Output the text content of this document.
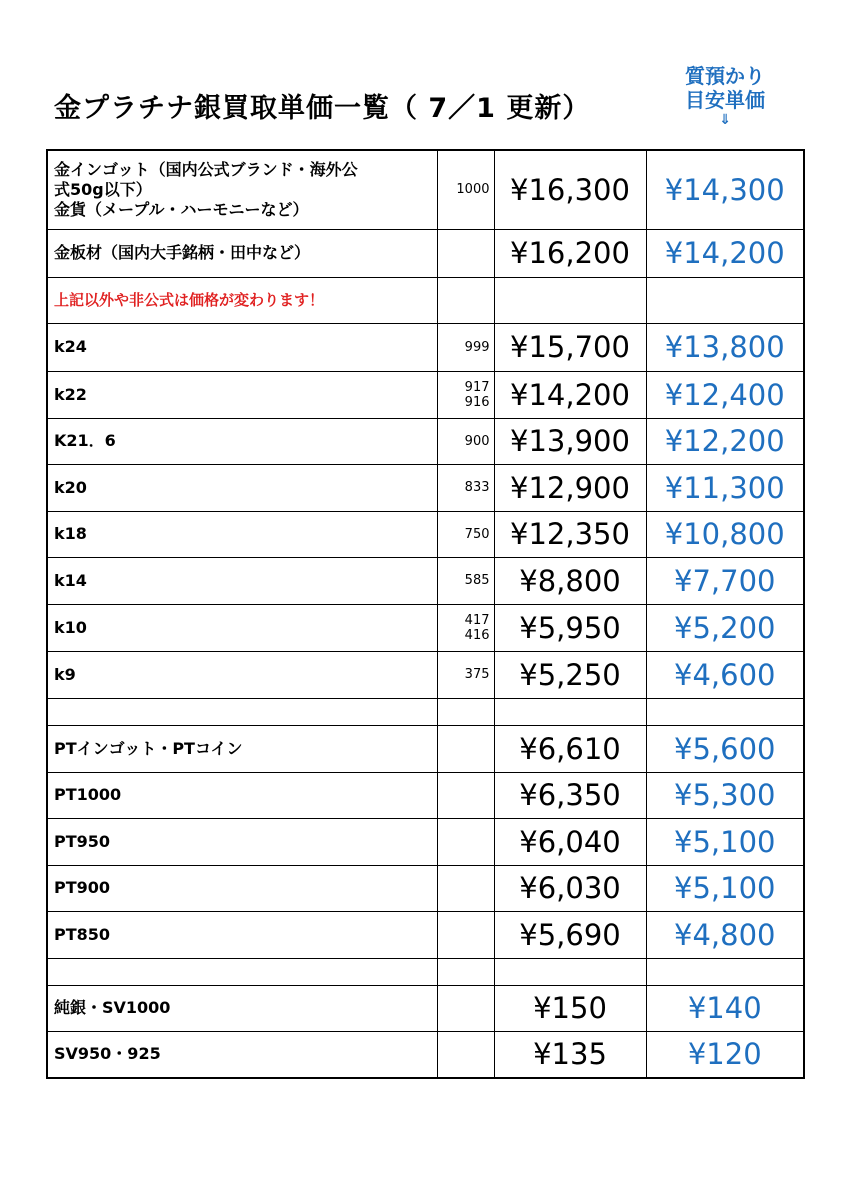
金プラチナ銀買取単価一覧（ 7／1 更新）
質預かり
目安単価
⇓
金インゴット（国内公式ブランド・海外公
式50g以下）
金貨（メープル・ハーモニーなど）	1000	¥16,300	¥14,300

金板材（国内大手銘柄・田中など）		¥16,200	¥14,200

上記以外や非公式は価格が変わります！			

k24	999	¥15,700	¥13,800

k22	917
916	¥14,200	¥12,400

K21．6	900	¥13,900	¥12,200

k20	833	¥12,900	¥11,300

k18	750	¥12,350	¥10,800

k14	585	¥8,800	¥7,700

k10	417
416	¥5,950	¥5,200

k9	375	¥5,250	¥4,600

PTインゴット・PTコイン		¥6,610	¥5,600

PT1000		¥6,350	¥5,300

PT950		¥6,040	¥5,100

PT900		¥6,030	¥5,100

PT850		¥5,690	¥4,800

純銀・SV1000		¥150	¥140

SV950・925		¥135	¥120
